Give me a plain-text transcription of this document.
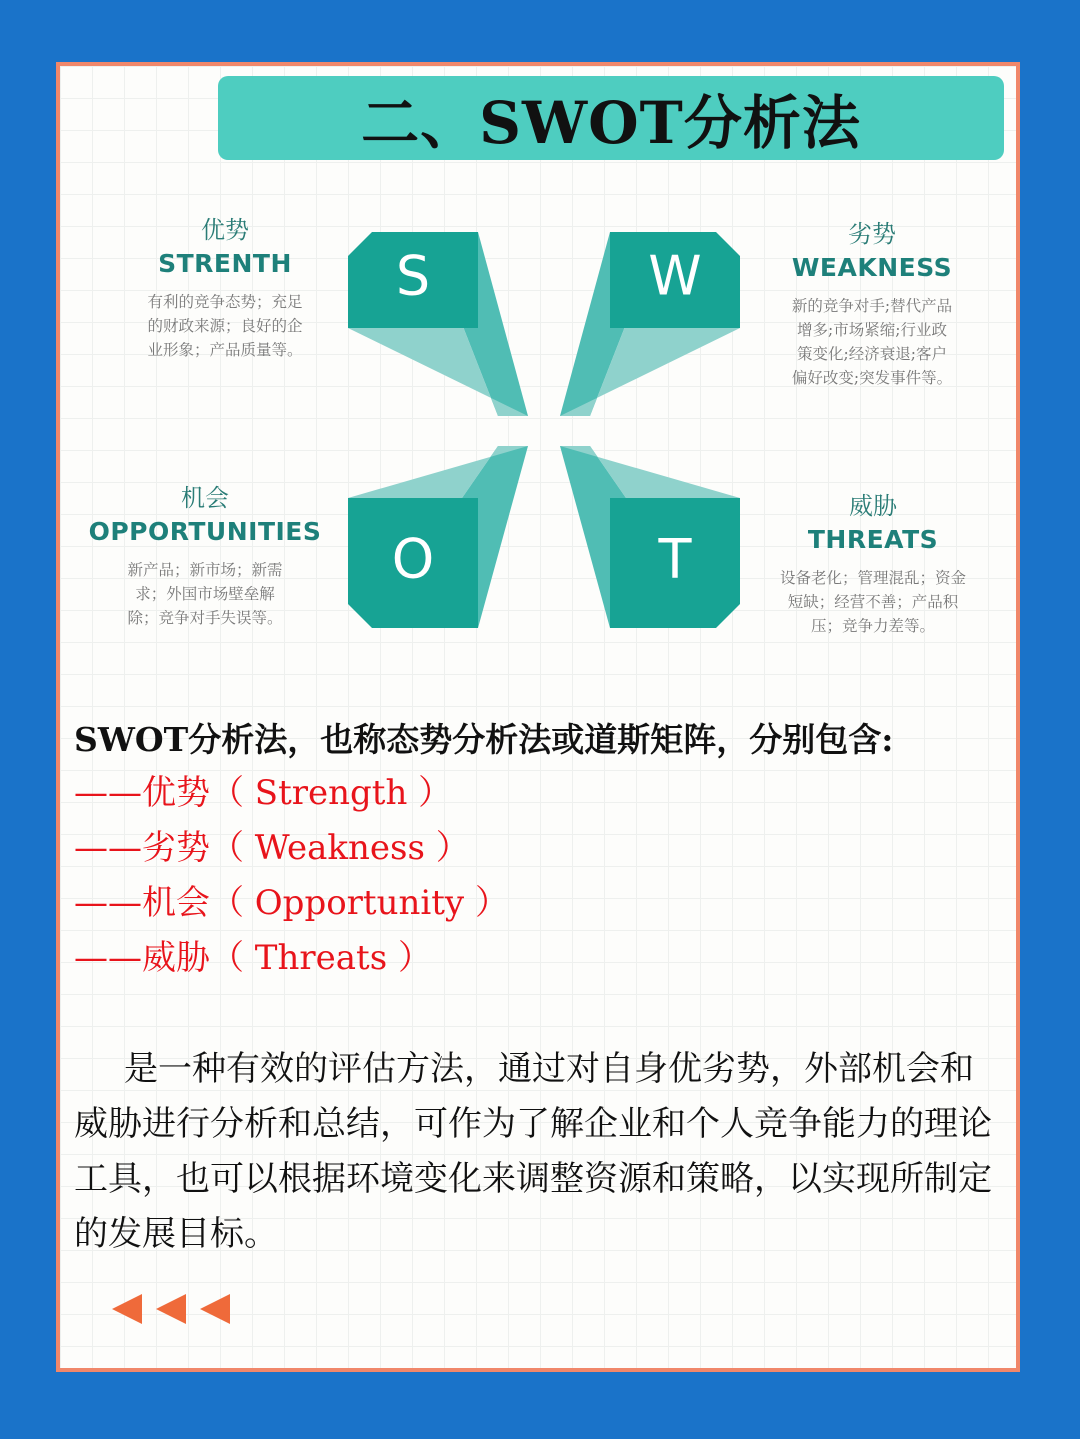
二、SWOT分析法
S	W
O	T
优势
STRENTH
有利的竞争态势；充足
的财政来源；良好的企
业形象；产品质量等。
劣势
WEAKNESS
新的竞争对手;替代产品
增多;市场紧缩;行业政
策变化;经济衰退;客户
偏好改变;突发事件等。
机会
OPPORTUNITIES
新产品；新市场；新需
求；外国市场壁垒解
除；竞争对手失误等。
威胁
THREATS
设备老化；管理混乱；资金
短缺；经营不善；产品积
压；竞争力差等。
SWOT分析法，也称态势分析法或道斯矩阵，分别包含:
——优势（ Strength ）
——劣势（ Weakness ）
——机会（ Opportunity ）
——威胁（ Threats ）
是一种有效的评估方法，通过对自身优劣势，外部机会和威胁进行分析和总结，可作为了解企业和个人竞争能力的理论工具，也可以根据环境变化来调整资源和策略，以实现所制定的发展目标。
